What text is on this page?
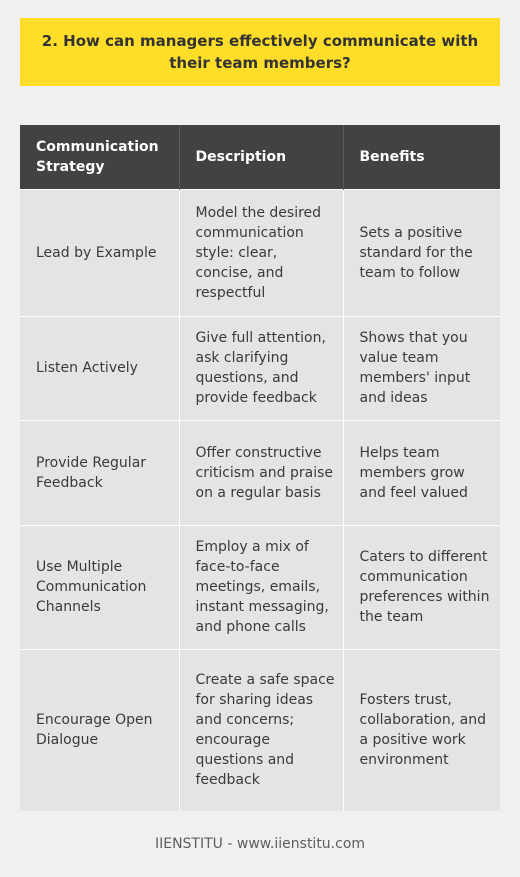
2. How can managers effectively communicate with their team members?
Communication Strategy	Description	Benefits
Lead by Example	Model the desired communication style: clear, concise, and respectful	Sets a positive standard for the team to follow
Listen Actively	Give full attention, ask clarifying questions, and provide feedback	Shows that you value team members' input and ideas
Provide Regular Feedback	Offer constructive criticism and praise on a regular basis	Helps team members grow and feel valued
Use Multiple Communication Channels	Employ a mix of face-to-face meetings, emails, instant messaging, and phone calls	Caters to different communication preferences within the team
Encourage Open Dialogue	Create a safe space for sharing ideas and concerns; encourage questions and feedback	Fosters trust, collaboration, and a positive work environment
IIENSTITU - www.iienstitu.com
